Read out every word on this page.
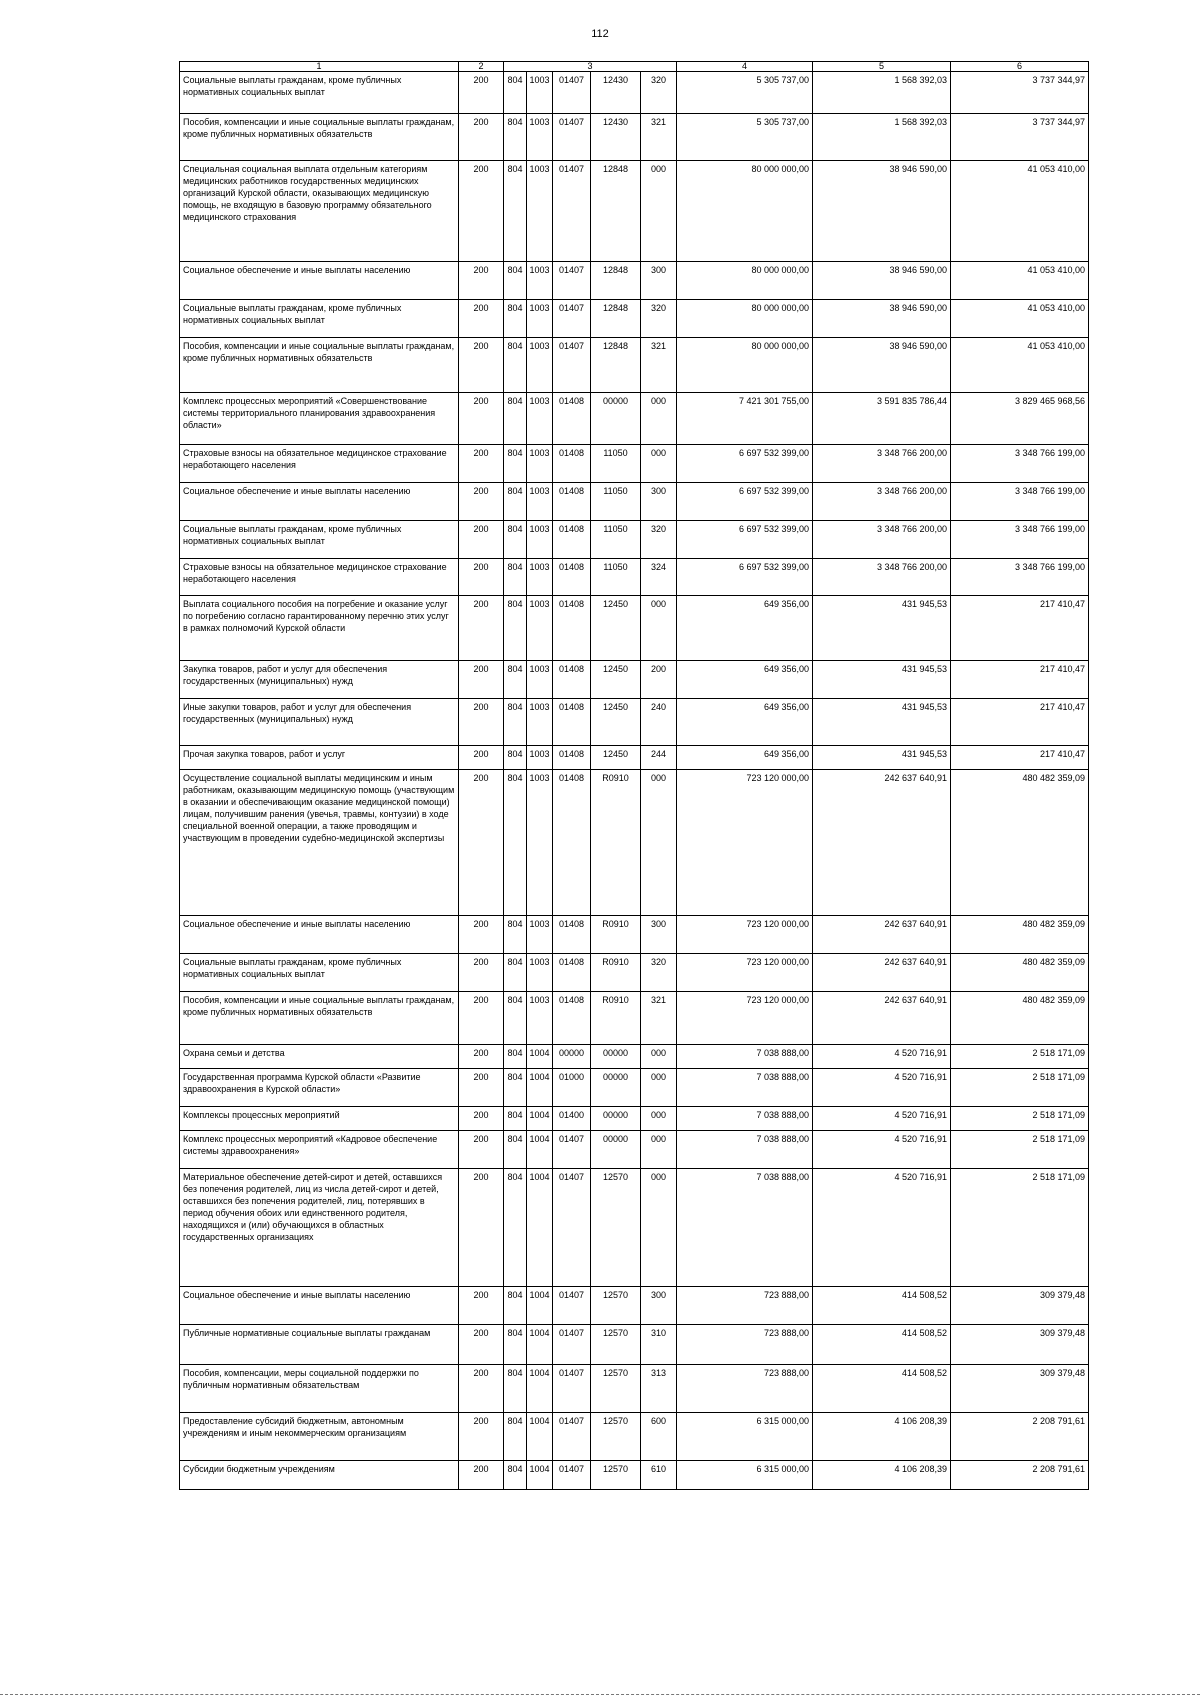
112
1	2	3					4	5	6
Социальные выплаты гражданам, кроме публичных нормативных социальных выплат	200	804	1003	01407	12430	320	5 305 737,00	1 568 392,03	3 737 344,97
Пособия, компенсации и иные социальные выплаты гражданам, кроме публичных нормативных обязательств	200	804	1003	01407	12430	321	5 305 737,00	1 568 392,03	3 737 344,97
Специальная социальная выплата отдельным категориям медицинских работников государственных медицинских организаций Курской области, оказывающих медицинскую помощь, не входящую в базовую программу обязательного медицинского страхования	200	804	1003	01407	12848	000	80 000 000,00	38 946 590,00	41 053 410,00
Социальное обеспечение и иные выплаты населению	200	804	1003	01407	12848	300	80 000 000,00	38 946 590,00	41 053 410,00
Социальные выплаты гражданам, кроме публичных нормативных социальных выплат	200	804	1003	01407	12848	320	80 000 000,00	38 946 590,00	41 053 410,00
Пособия, компенсации и иные социальные выплаты гражданам, кроме публичных нормативных обязательств	200	804	1003	01407	12848	321	80 000 000,00	38 946 590,00	41 053 410,00
Комплекс процессных мероприятий «Совершенствование системы территориального планирования здравоохранения области»	200	804	1003	01408	00000	000	7 421 301 755,00	3 591 835 786,44	3 829 465 968,56
Страховые взносы на обязательное медицинское страхование неработающего населения	200	804	1003	01408	11050	000	6 697 532 399,00	3 348 766 200,00	3 348 766 199,00
Социальное обеспечение и иные выплаты населению	200	804	1003	01408	11050	300	6 697 532 399,00	3 348 766 200,00	3 348 766 199,00
Социальные выплаты гражданам, кроме публичных нормативных социальных выплат	200	804	1003	01408	11050	320	6 697 532 399,00	3 348 766 200,00	3 348 766 199,00
Страховые взносы на обязательное медицинское страхование неработающего населения	200	804	1003	01408	11050	324	6 697 532 399,00	3 348 766 200,00	3 348 766 199,00
Выплата социального пособия на погребение и оказание услуг по погребению согласно гарантированному перечню этих услуг в рамках полномочий Курской области	200	804	1003	01408	12450	000	649 356,00	431 945,53	217 410,47
Закупка товаров, работ и услуг для обеспечения государственных (муниципальных) нужд	200	804	1003	01408	12450	200	649 356,00	431 945,53	217 410,47
Иные закупки товаров, работ и услуг для обеспечения государственных (муниципальных) нужд	200	804	1003	01408	12450	240	649 356,00	431 945,53	217 410,47
Прочая закупка товаров, работ и услуг	200	804	1003	01408	12450	244	649 356,00	431 945,53	217 410,47
Осуществление социальной выплаты медицинским и иным работникам, оказывающим медицинскую помощь (участвующим в оказании и обеспечивающим оказание медицинской помощи) лицам, получившим ранения (увечья, травмы, контузии) в ходе специальной военной операции, а также проводящим и участвующим в проведении судебно-медицинской экспертизы	200	804	1003	01408	R0910	000	723 120 000,00	242 637 640,91	480 482 359,09
Социальное обеспечение и иные выплаты населению	200	804	1003	01408	R0910	300	723 120 000,00	242 637 640,91	480 482 359,09
Социальные выплаты гражданам, кроме публичных нормативных социальных выплат	200	804	1003	01408	R0910	320	723 120 000,00	242 637 640,91	480 482 359,09
Пособия, компенсации и иные социальные выплаты гражданам, кроме публичных нормативных обязательств	200	804	1003	01408	R0910	321	723 120 000,00	242 637 640,91	480 482 359,09
Охрана семьи и детства	200	804	1004	00000	00000	000	7 038 888,00	4 520 716,91	2 518 171,09
Государственная программа Курской области «Развитие здравоохранения в Курской области»	200	804	1004	01000	00000	000	7 038 888,00	4 520 716,91	2 518 171,09
Комплексы процессных мероприятий	200	804	1004	01400	00000	000	7 038 888,00	4 520 716,91	2 518 171,09
Комплекс процессных мероприятий «Кадровое обеспечение системы здравоохранения»	200	804	1004	01407	00000	000	7 038 888,00	4 520 716,91	2 518 171,09
Материальное обеспечение детей-сирот и детей, оставшихся без попечения родителей, лиц из числа детей-сирот и детей, оставшихся без попечения родителей, лиц, потерявших в период обучения обоих или единственного родителя, находящихся и (или) обучающихся в областных государственных организациях	200	804	1004	01407	12570	000	7 038 888,00	4 520 716,91	2 518 171,09
Социальное обеспечение и иные выплаты населению	200	804	1004	01407	12570	300	723 888,00	414 508,52	309 379,48
Публичные нормативные социальные выплаты гражданам	200	804	1004	01407	12570	310	723 888,00	414 508,52	309 379,48
Пособия, компенсации, меры социальной поддержки по публичным нормативным обязательствам	200	804	1004	01407	12570	313	723 888,00	414 508,52	309 379,48
Предоставление субсидий бюджетным, автономным учреждениям и иным некоммерческим организациям	200	804	1004	01407	12570	600	6 315 000,00	4 106 208,39	2 208 791,61
Субсидии бюджетным учреждениям	200	804	1004	01407	12570	610	6 315 000,00	4 106 208,39	2 208 791,61
